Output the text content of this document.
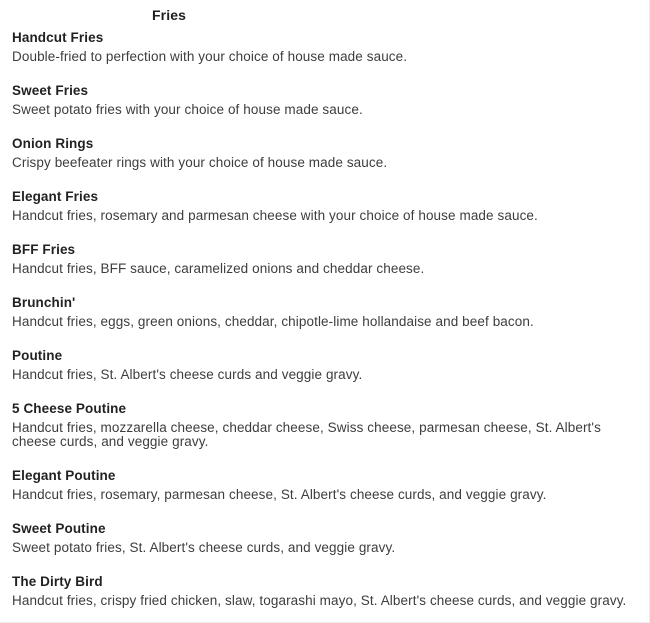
Fries
Handcut Fries
Double-fried to perfection with your choice of house made sauce.
Sweet Fries
Sweet potato fries with your choice of house made sauce.
Onion Rings
Crispy beefeater rings with your choice of house made sauce.
Elegant Fries
Handcut fries, rosemary and parmesan cheese with your choice of house made sauce.
BFF Fries
Handcut fries, BFF sauce, caramelized onions and cheddar cheese.
Brunchin'
Handcut fries, eggs, green onions, cheddar, chipotle-lime hollandaise and beef bacon.
Poutine
Handcut fries, St. Albert's cheese curds and veggie gravy.
5 Cheese Poutine
Handcut fries, mozzarella cheese, cheddar cheese, Swiss cheese, parmesan cheese, St. Albert's cheese curds, and veggie gravy.
Elegant Poutine
Handcut fries, rosemary, parmesan cheese, St. Albert's cheese curds, and veggie gravy.
Sweet Poutine
Sweet potato fries, St. Albert's cheese curds, and veggie gravy.
The Dirty Bird
Handcut fries, crispy fried chicken, slaw, togarashi mayo, St. Albert's cheese curds, and veggie gravy.
